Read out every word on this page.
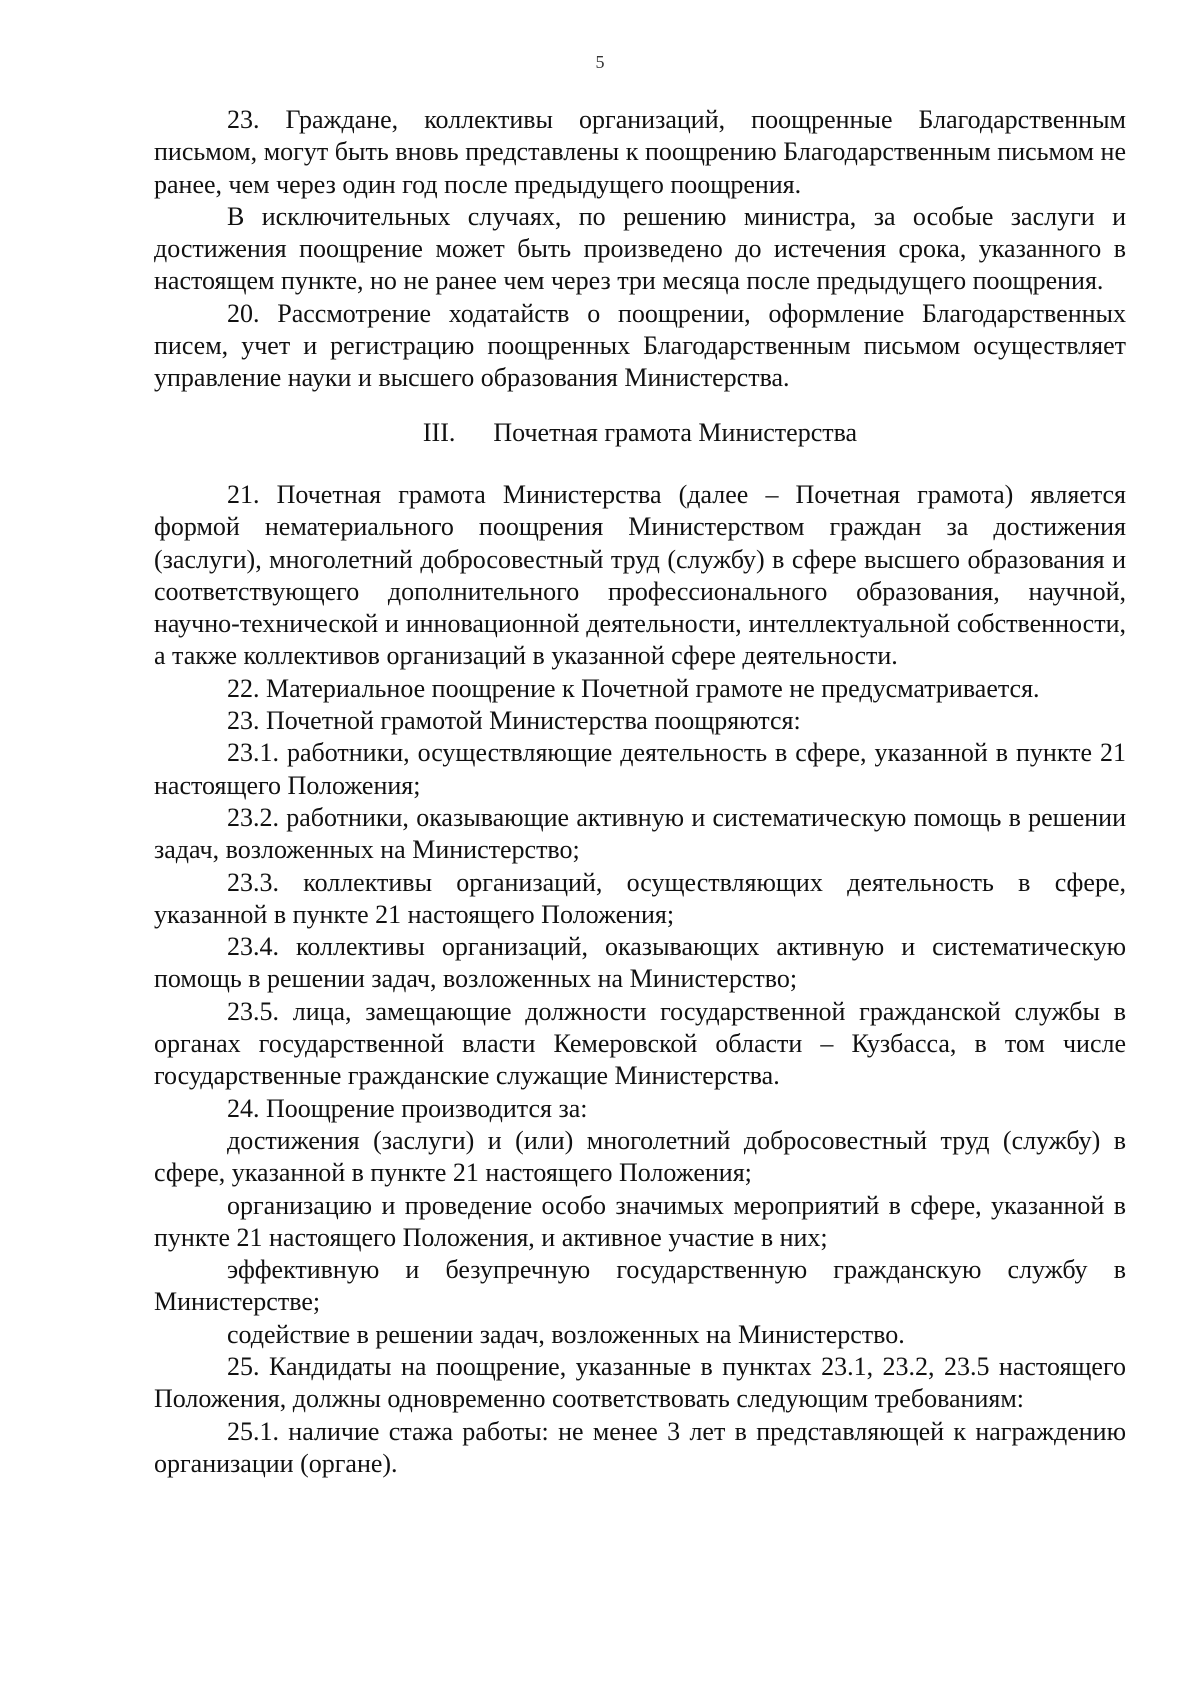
5

23. Граждане, коллективы организаций, поощренные Благодарственным письмом, могут быть вновь представлены к поощрению Благодарственным письмом не ранее, чем через один год после предыдущего поощрения.

В исключительных случаях, по решению министра, за особые заслуги и достижения поощрение может быть произведено до истечения срока, указанного в настоящем пункте, но не ранее чем через три месяца после предыдущего поощрения.

20. Рассмотрение ходатайств о поощрении, оформление Благодарственных писем, учет и регистрацию поощренных Благодарственным письмом осуществляет управление науки и высшего образования Министерства.

III. Почетная грамота Министерства

21. Почетная грамота Министерства (далее – Почетная грамота) является формой нематериального поощрения Министерством граждан за достижения (заслуги), многолетний добросовестный труд (службу) в сфере высшего образования и соответствующего дополнительного профессионального образования, научной, научно-технической и инновационной деятельности, интеллектуальной собственности, а также коллективов организаций в указанной сфере деятельности.

22. Материальное поощрение к Почетной грамоте не предусматривается.

23. Почетной грамотой Министерства поощряются:

23.1. работники, осуществляющие деятельность в сфере, указанной в пункте 21 настоящего Положения;

23.2. работники, оказывающие активную и систематическую помощь в решении задач, возложенных на Министерство;

23.3. коллективы организаций, осуществляющих деятельность в сфере, указанной в пункте 21 настоящего Положения;

23.4. коллективы организаций, оказывающих активную и систематическую помощь в решении задач, возложенных на Министерство;

23.5. лица, замещающие должности государственной гражданской службы в органах государственной власти Кемеровской области – Кузбасса, в том числе государственные гражданские служащие Министерства.

24. Поощрение производится за:

достижения (заслуги) и (или) многолетний добросовестный труд (службу) в сфере, указанной в пункте 21 настоящего Положения;

организацию и проведение особо значимых мероприятий в сфере, указанной в пункте 21 настоящего Положения, и активное участие в них;

эффективную и безупречную государственную гражданскую службу в Министерстве;

содействие в решении задач, возложенных на Министерство.

25. Кандидаты на поощрение, указанные в пунктах 23.1, 23.2, 23.5 настоящего Положения, должны одновременно соответствовать следующим требованиям:

25.1. наличие стажа работы: не менее 3 лет в представляющей к награждению организации (органе).
